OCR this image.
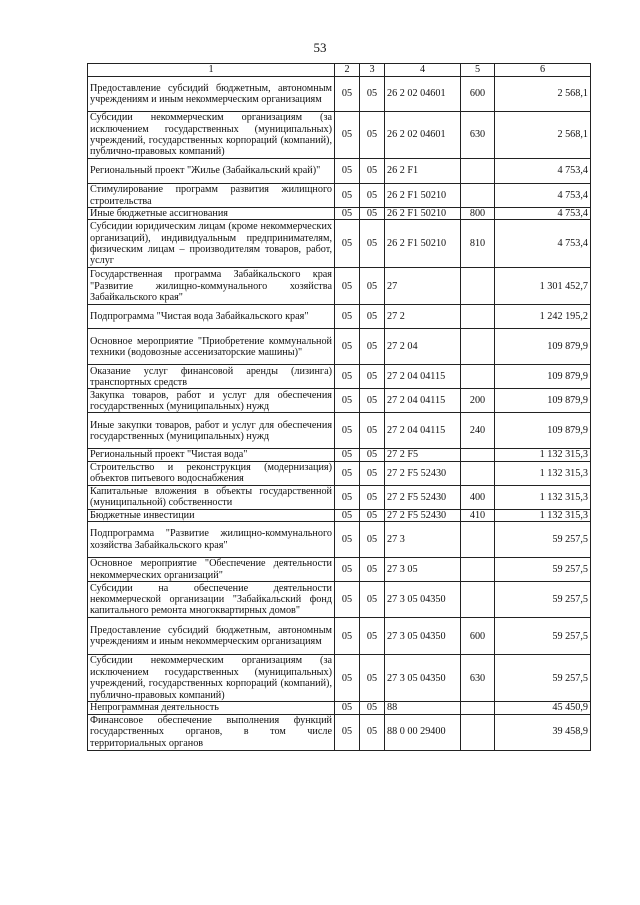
53
1	2	3	4	5	6
Предоставление субсидий бюджетным, автономным учреждениям и иным некоммерческим организациям	05	05	26 2 02 04601	600	2 568,1
Субсидии некоммерческим организациям (за исключением государственных (муниципальных) учреждений, государственных корпораций (компаний), публично-правовых компаний)	05	05	26 2 02 04601	630	2 568,1
Региональный проект "Жилье (Забайкальский край)"	05	05	26 2 F1		4 753,4
Стимулирование программ развития жилищного строительства	05	05	26 2 F1 50210		4 753,4
Иные бюджетные ассигнования	05	05	26 2 F1 50210	800	4 753,4
Субсидии юридическим лицам (кроме некоммерческих организаций), индивидуальным предпринимателям, физическим лицам – производителям товаров, работ, услуг	05	05	26 2 F1 50210	810	4 753,4
Государственная программа Забайкальского края "Развитие жилищно-коммунального хозяйства Забайкальского края"	05	05	27		1 301 452,7
Подпрограмма "Чистая вода Забайкальского края"	05	05	27 2		1 242 195,2
Основное мероприятие "Приобретение коммунальной техники (водовозные ассенизаторские машины)"	05	05	27 2 04		109 879,9
Оказание услуг финансовой аренды (лизинга) транспортных средств	05	05	27 2 04 04115		109 879,9
Закупка товаров, работ и услуг для обеспечения государственных (муниципальных) нужд	05	05	27 2 04 04115	200	109 879,9
Иные закупки товаров, работ и услуг для обеспечения государственных (муниципальных) нужд	05	05	27 2 04 04115	240	109 879,9
Региональный проект "Чистая вода"	05	05	27 2 F5		1 132 315,3
Строительство и реконструкция (модернизация) объектов питьевого водоснабжения	05	05	27 2 F5 52430		1 132 315,3
Капитальные вложения в объекты государственной (муниципальной) собственности	05	05	27 2 F5 52430	400	1 132 315,3
Бюджетные инвестиции	05	05	27 2 F5 52430	410	1 132 315,3
Подпрограмма "Развитие жилищно-коммунального хозяйства Забайкальского края"	05	05	27 3		59 257,5
Основное мероприятие "Обеспечение деятельности некоммерческих организаций"	05	05	27 3 05		59 257,5
Субсидии на обеспечение деятельности некоммерческой организации "Забайкальский фонд капитального ремонта многоквартирных домов"	05	05	27 3 05 04350		59 257,5
Предоставление субсидий бюджетным, автономным учреждениям и иным некоммерческим организациям	05	05	27 3 05 04350	600	59 257,5
Субсидии некоммерческим организациям (за исключением государственных (муниципальных) учреждений, государственных корпораций (компаний), публично-правовых компаний)	05	05	27 3 05 04350	630	59 257,5
Непрограммная деятельность	05	05	88		45 450,9
Финансовое обеспечение выполнения функций государственных органов, в том числе территориальных органов	05	05	88 0 00 29400		39 458,9
